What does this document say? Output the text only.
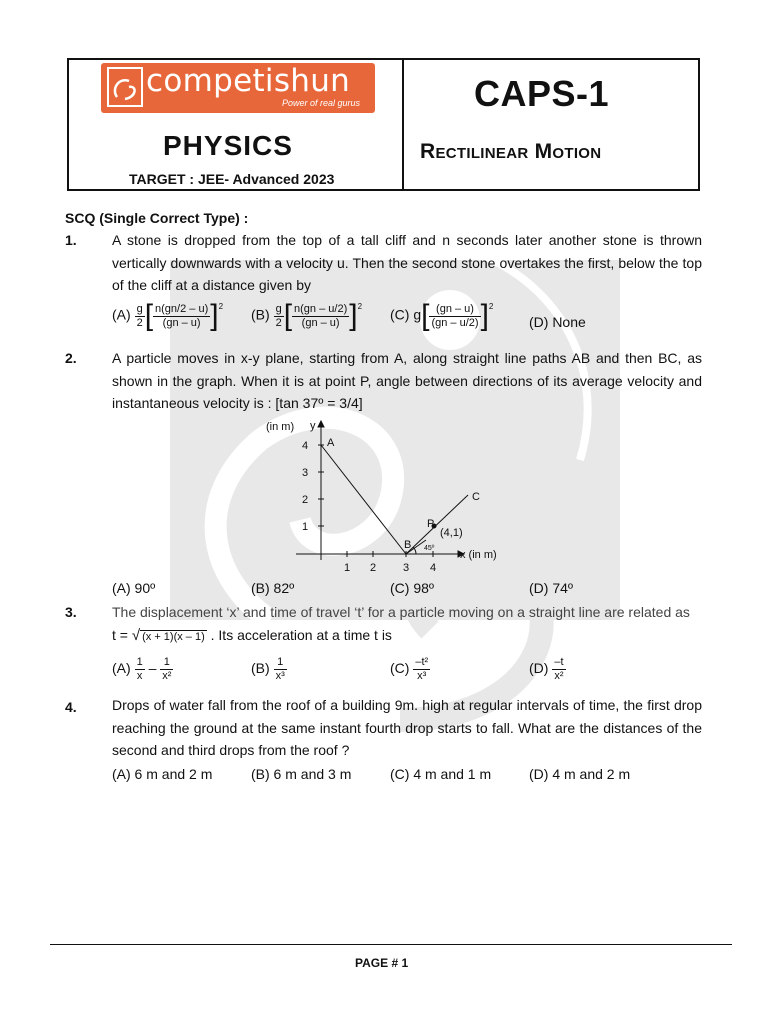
competishun
Power of real gurus
PHYSICS
TARGET : JEE- Advanced 2023
CAPS-1
Rectilinear Motion
SCQ (Single Correct Type) :
1.	A stone is dropped from the top of a tall cliff and n seconds later another stone is thrown vertically downwards with a velocity u. Then the second stone overtakes the first, below the top of the cliff at a distance given by
$(A) \frac{g}{2}$ [ $\frac{n(gn/2 - u)}{(gn - u)} ]^2$
$(B) \frac{g}{2}$ [ $\frac{n(gn - u/2)}{(gn - u)} ]^2$
(C) $g[ \frac{(gn - u)}{(gn - u/2)} ]^2$
(D) None
2.	A particle moves in x-y plane, starting from A, along straight line paths AB and then BC, as shown in the graph. When it is at point P, angle between directions of its average velocity and instantaneous velocity is : [tan 37º = 3/4]
(in m) y
1
2
3
4
1 2 3 4
x (in m)
A
B
C
P
(4,1)
45º
(A) 90º	(B) 82º	(C) 98º	(D) 74º
3.	The displacement ‘x’ and time of travel ‘t’ for a particle moving on a straight line are related as
t = √ (x + 1)(x – 1) . Its acceleration at a time t is
$(A) \frac{1}{x} - \frac{1}{\text{x²}}$	$(B) \frac{1}{\text{x³}}$	$(C) \frac{\text{–t²}}{\text{x³}}$	$(D) \frac{-t}{\text{x²}}$
4.	Drops of water fall from the roof of a building 9m. high at regular intervals of time, the first drop reaching the ground at the same instant fourth drop starts to fall. What are the distances of the second and third drops from the roof ?
(A) 6 m and 2 m	(B) 6 m and 3 m	(C) 4 m and 1 m	(D) 4 m and 2 m
PAGE # 1
